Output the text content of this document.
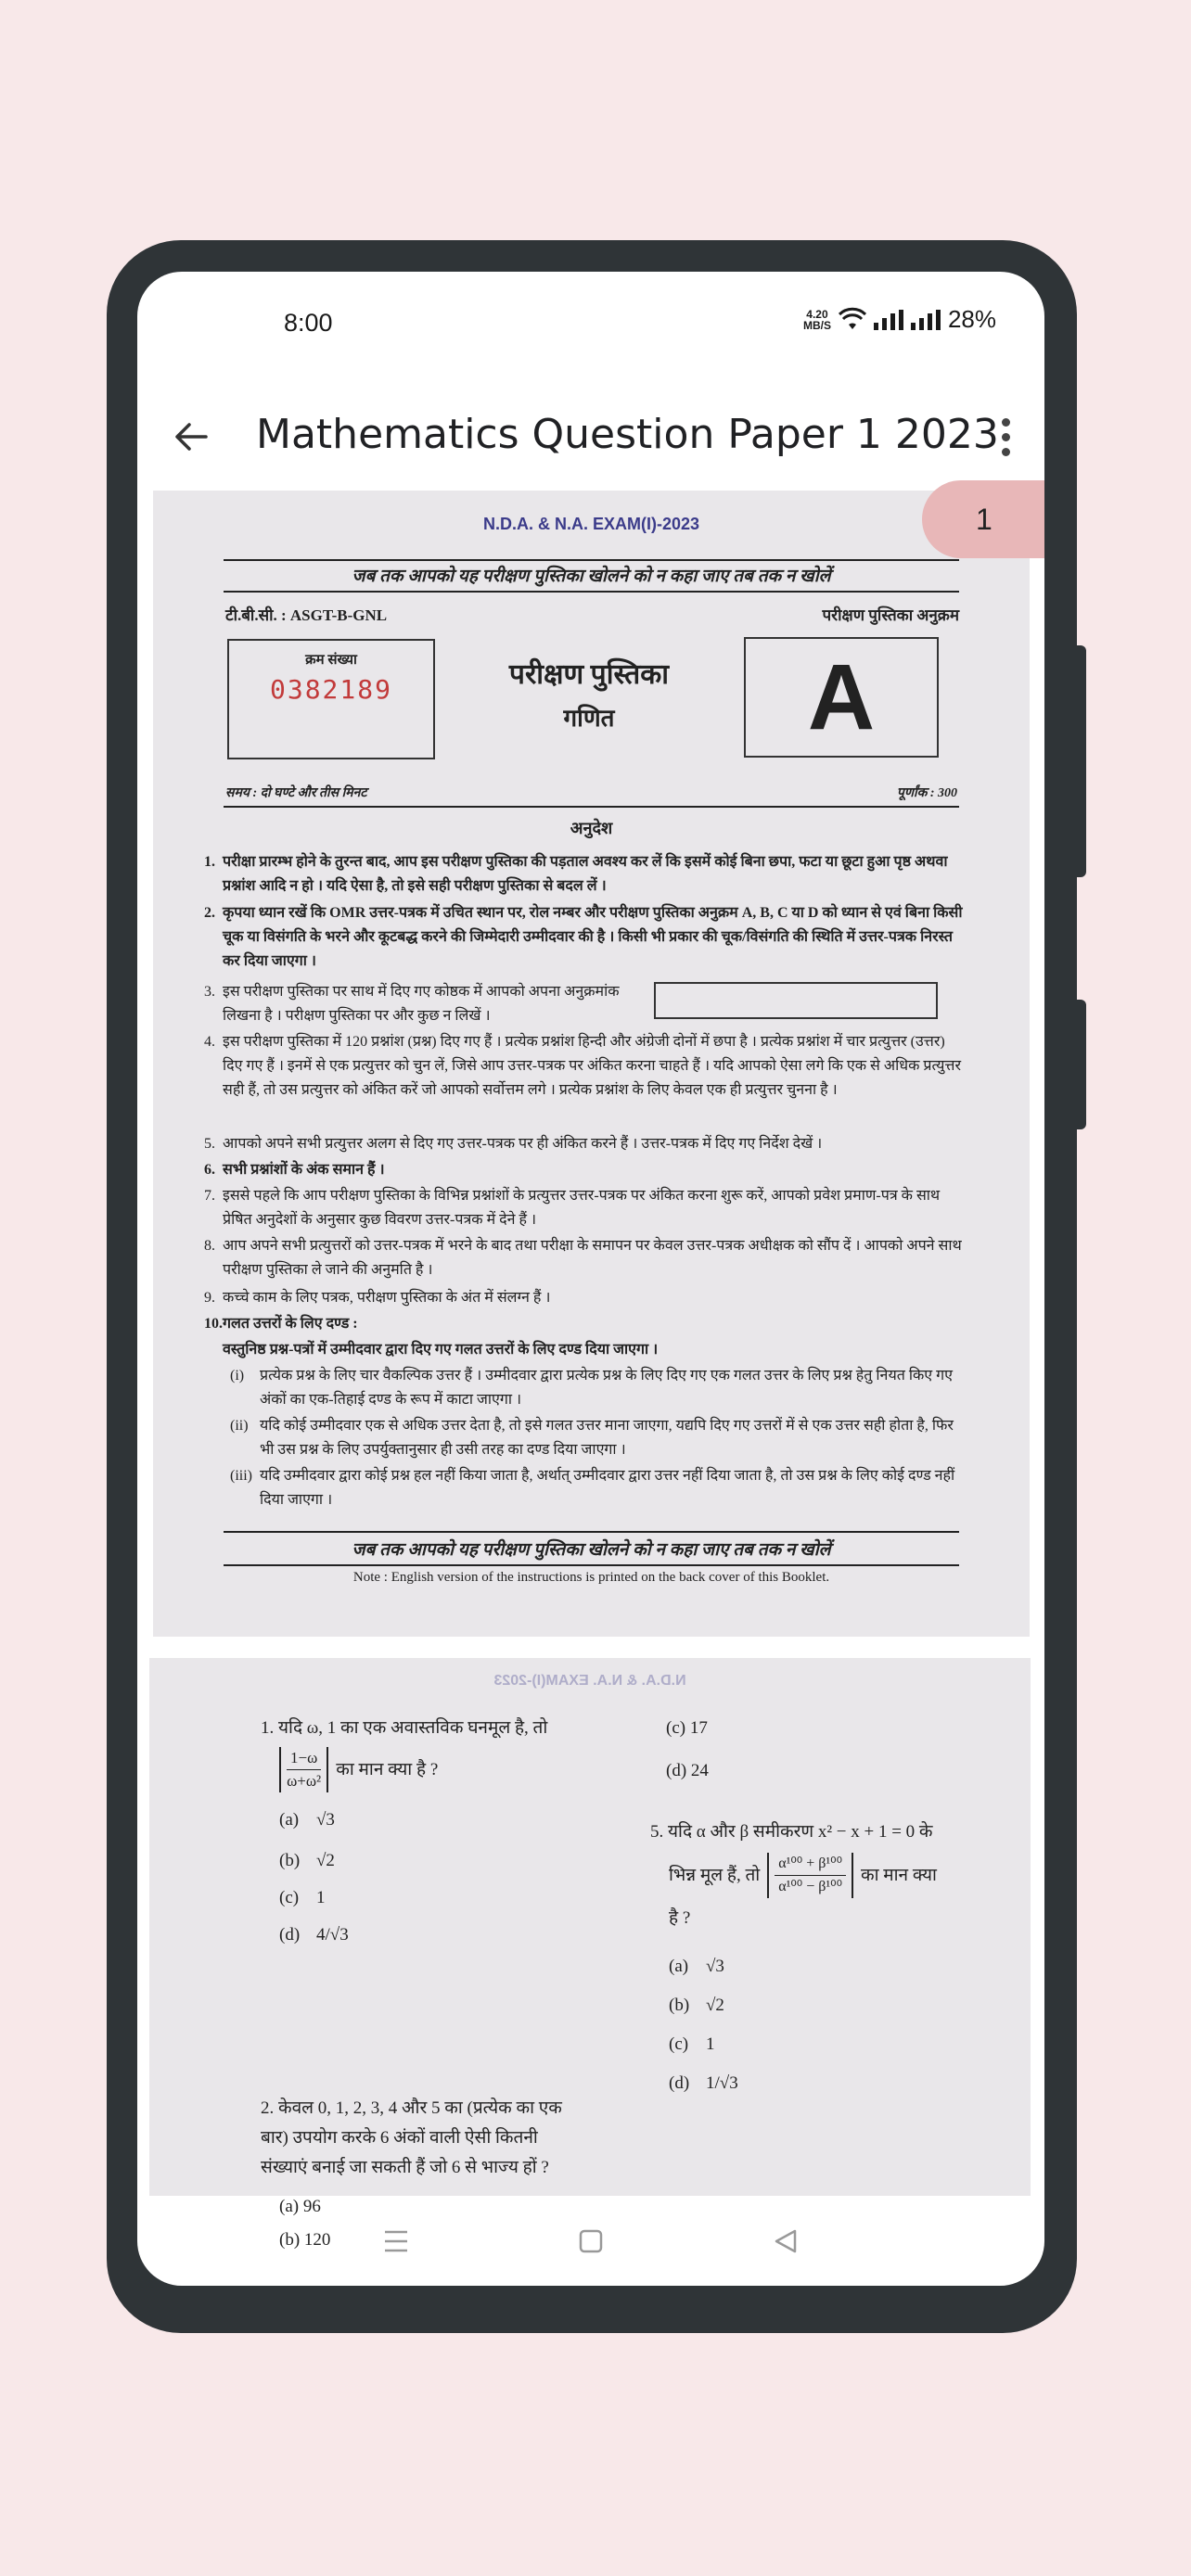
8:00	4.20
MB/S	28%
Mathematics Question Paper 1 2023
N.D.A. & N.A. EXAM(I)-2023
जब तक आपको यह परीक्षण पुस्तिका खोलने को न कहा जाए तब तक न खोलें
टी.बी.सी. : ASGT-B-GNL	परीक्षण पुस्तिका अनुक्रम
क्रम संख्या
0382189	परीक्षण पुस्तिका
गणित	A
समय : दो घण्टे और तीस मिनट	पूर्णांक : 300
अनुदेश
1. परीक्षा प्रारम्भ होने के तुरन्त बाद, आप इस परीक्षण पुस्तिका की पड़ताल अवश्य कर लें कि इसमें कोई बिना छपा, फटा या छूटा हुआ पृष्ठ अथवा प्रश्नांश आदि न हो । यदि ऐसा है, तो इसे सही परीक्षण पुस्तिका से बदल लें ।
2. कृपया ध्यान रखें कि OMR उत्तर-पत्रक में उचित स्थान पर, रोल नम्बर और परीक्षण पुस्तिका अनुक्रम A, B, C या D को ध्यान से एवं बिना किसी चूक या विसंगति के भरने और कूटबद्ध करने की जिम्मेदारी उम्मीदवार की है । किसी भी प्रकार की चूक/विसंगति की स्थिति में उत्तर-पत्रक निरस्त कर दिया जाएगा ।
3. इस परीक्षण पुस्तिका पर साथ में दिए गए कोष्ठक में आपको अपना अनुक्रमांक लिखना है । परीक्षण पुस्तिका पर और कुछ न लिखें ।
4. इस परीक्षण पुस्तिका में 120 प्रश्नांश (प्रश्न) दिए गए हैं । प्रत्येक प्रश्नांश हिन्दी और अंग्रेजी दोनों में छपा है । प्रत्येक प्रश्नांश में चार प्रत्युत्तर (उत्तर) दिए गए हैं । इनमें से एक प्रत्युत्तर को चुन लें, जिसे आप उत्तर-पत्रक पर अंकित करना चाहते हैं । यदि आपको ऐसा लगे कि एक से अधिक प्रत्युत्तर सही हैं, तो उस प्रत्युत्तर को अंकित करें जो आपको सर्वोत्तम लगे । प्रत्येक प्रश्नांश के लिए केवल एक ही प्रत्युत्तर चुनना है ।
5. आपको अपने सभी प्रत्युत्तर अलग से दिए गए उत्तर-पत्रक पर ही अंकित करने हैं । उत्तर-पत्रक में दिए गए निर्देश देखें ।
6. सभी प्रश्नांशों के अंक समान हैं ।
7. इससे पहले कि आप परीक्षण पुस्तिका के विभिन्न प्रश्नांशों के प्रत्युत्तर उत्तर-पत्रक पर अंकित करना शुरू करें, आपको प्रवेश प्रमाण-पत्र के साथ प्रेषित अनुदेशों के अनुसार कुछ विवरण उत्तर-पत्रक में देने हैं ।
8. आप अपने सभी प्रत्युत्तरों को उत्तर-पत्रक में भरने के बाद तथा परीक्षा के समापन पर केवल उत्तर-पत्रक अधीक्षक को सौंप दें । आपको अपने साथ परीक्षण पुस्तिका ले जाने की अनुमति है ।
9. कच्चे काम के लिए पत्रक, परीक्षण पुस्तिका के अंत में संलग्न हैं ।
10. गलत उत्तरों के लिए दण्ड :
वस्तुनिष्ठ प्रश्न-पत्रों में उम्मीदवार द्वारा दिए गए गलत उत्तरों के लिए दण्ड दिया जाएगा ।
(i) प्रत्येक प्रश्न के लिए चार वैकल्पिक उत्तर हैं । उम्मीदवार द्वारा प्रत्येक प्रश्न के लिए दिए गए एक गलत उत्तर के लिए प्रश्न हेतु नियत किए गए अंकों का एक-तिहाई दण्ड के रूप में काटा जाएगा ।
(ii) यदि कोई उम्मीदवार एक से अधिक उत्तर देता है, तो इसे गलत उत्तर माना जाएगा, यद्यपि दिए गए उत्तरों में से एक उत्तर सही होता है, फिर भी उस प्रश्न के लिए उपर्युक्तानुसार ही उसी तरह का दण्ड दिया जाएगा ।
(iii) यदि उम्मीदवार द्वारा कोई प्रश्न हल नहीं किया जाता है, अर्थात् उम्मीदवार द्वारा उत्तर नहीं दिया जाता है, तो उस प्रश्न के लिए कोई दण्ड नहीं दिया जाएगा ।
जब तक आपको यह परीक्षण पुस्तिका खोलने को न कहा जाए तब तक न खोलें
Note : English version of the instructions is printed on the back cover of this Booklet.
1
N.D.A. & N.A. EXAM(I)-2023
1. यदि ω, 1 का एक अवास्तविक घनमूल है, तो
$\frac{1-\omega}{\text{ω+ω²}}$ का मान क्या है ?
(a) √3
(b) √2
(c) 1
(d) 4/√3
2. केवल 0, 1, 2, 3, 4 और 5 का (प्रत्येक का एक बार) उपयोग करके 6 अंकों वाली ऐसी कितनी संख्याएं बनाई जा सकती हैं जो 6 से भाज्य हों ?
(a) 96
(b) 120
(c) 17
(d) 24
5. यदि α और β समीकरण x² − x + 1 = 0 के
भिन्न मूल हैं, तो $\frac{\text{α¹⁰⁰ + β¹⁰⁰}}{\text{α¹⁰⁰ − β¹⁰⁰}}$ का मान क्या
है ?
(a) √3
(b) √2
(c) 1
(d) 1/√3
